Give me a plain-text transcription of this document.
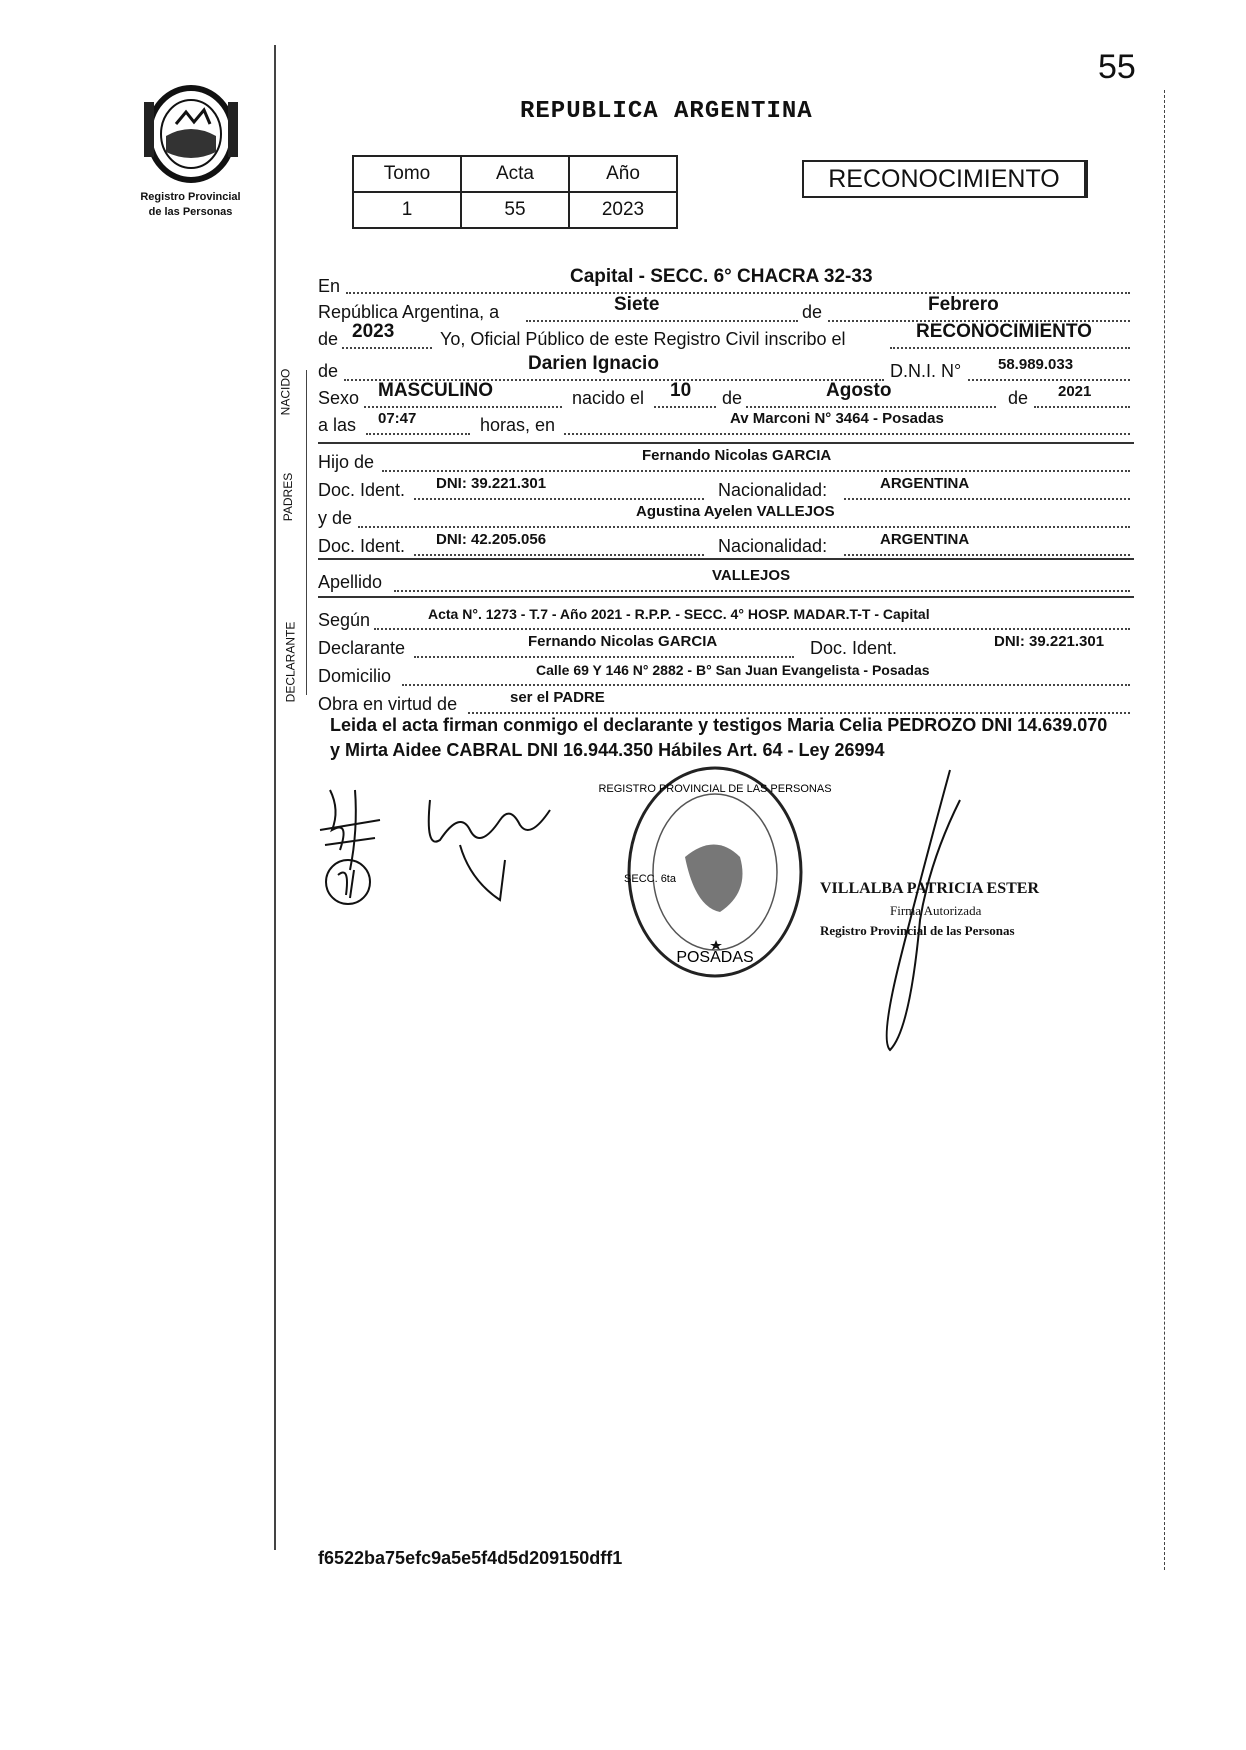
55
REPUBLICA ARGENTINA
Registro Provincial
de las Personas
Tomo	Acta	Año
1	55	2023
RECONOCIMIENTO
En	Capital - SECC. 6° CHACRA 32-33
República Argentina, a	Siete	de	Febrero
de 2023	Yo, Oficial Público de este Registro Civil inscribo el	RECONOCIMIENTO
NACIDO de	Darien Ignacio	D.N.I. N° 58.989.033
Sexo MASCULINO	nacido el 10 de	Agosto	de 2021
a las 07:47	horas, en	Av Marconi N° 3464 - Posadas
PADRES
Hijo de	Fernando Nicolas GARCIA
Doc. Ident. DNI: 39.221.301	Nacionalidad:	ARGENTINA
y de	Agustina Ayelen VALLEJOS
Doc. Ident. DNI: 42.205.056	Nacionalidad:	ARGENTINA
Apellido	VALLEJOS
DECLARANTE
Según	Acta N°. 1273 - T.7 - Año 2021 - R.P.P. - SECC. 4° HOSP. MADAR.T-T - Capital
Declarante	Fernando Nicolas GARCIA	Doc. Ident.	DNI: 39.221.301
Domicilio	Calle 69 Y 146 N° 2882 - B° San Juan Evangelista - Posadas
Obra en virtud de	ser el PADRE
Leida el acta firman conmigo el declarante y testigos Maria Celia PEDROZO DNI 14.639.070 y Mirta Aidee CABRAL DNI 16.944.350 Hábiles Art. 64 - Ley 26994
POSADAS
REGISTRO PROVINCIAL DE LAS PERSONAS
SECC. 6ta
VILLALBA PATRICIA ESTER
Firma Autorizada
Registro Provincial de las Personas
f6522ba75efc9a5e5f4d5d209150dff1
